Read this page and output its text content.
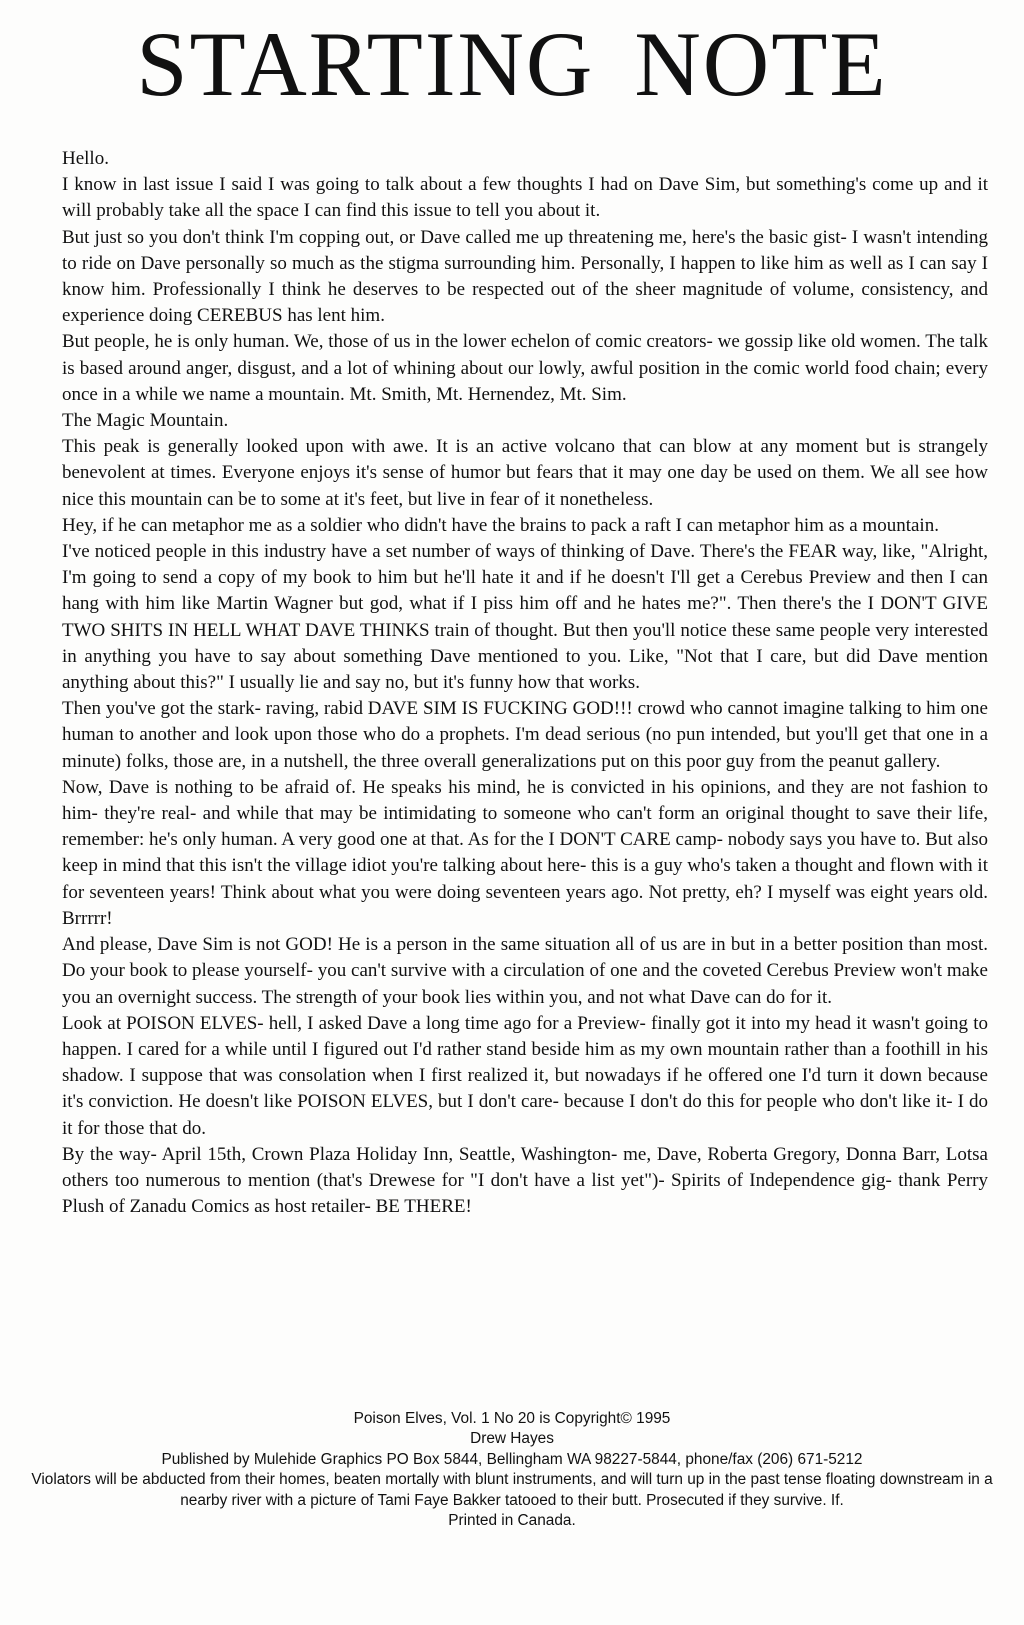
STARTING NOTE

Hello.

I know in last issue I said I was going to talk about a few thoughts I had on Dave Sim, but something's come up and it will probably take all the space I can find this issue to tell you about it.

But just so you don't think I'm copping out, or Dave called me up threatening me, here's the basic gist- I wasn't intending to ride on Dave personally so much as the stigma surrounding him. Personally, I happen to like him as well as I can say I know him. Professionally I think he deserves to be respected out of the sheer magnitude of volume, consistency, and experience doing CEREBUS has lent him.

But people, he is only human. We, those of us in the lower echelon of comic creators- we gossip like old women. The talk is based around anger, disgust, and a lot of whining about our lowly, awful position in the comic world food chain; every once in a while we name a mountain. Mt. Smith, Mt. Hernendez, Mt. Sim.

The Magic Mountain.

This peak is generally looked upon with awe. It is an active volcano that can blow at any moment but is strangely benevolent at times. Everyone enjoys it's sense of humor but fears that it may one day be used on them. We all see how nice this mountain can be to some at it's feet, but live in fear of it nonetheless.

Hey, if he can metaphor me as a soldier who didn't have the brains to pack a raft I can metaphor him as a mountain.

I've noticed people in this industry have a set number of ways of thinking of Dave. There's the FEAR way, like, "Alright, I'm going to send a copy of my book to him but he'll hate it and if he doesn't I'll get a Cerebus Preview and then I can hang with him like Martin Wagner but god, what if I piss him off and he hates me?". Then there's the I DON'T GIVE TWO SHITS IN HELL WHAT DAVE THINKS train of thought. But then you'll notice these same people very interested in anything you have to say about something Dave mentioned to you. Like, "Not that I care, but did Dave mention anything about this?" I usually lie and say no, but it's funny how that works.

Then you've got the stark- raving, rabid DAVE SIM IS FUCKING GOD!!! crowd who cannot imagine talking to him one human to another and look upon those who do a prophets. I'm dead serious (no pun intended, but you'll get that one in a minute) folks, those are, in a nutshell, the three overall generalizations put on this poor guy from the peanut gallery.

Now, Dave is nothing to be afraid of. He speaks his mind, he is convicted in his opinions, and they are not fashion to him- they're real- and while that may be intimidating to someone who can't form an original thought to save their life, remember: he's only human. A very good one at that. As for the I DON'T CARE camp- nobody says you have to. But also keep in mind that this isn't the village idiot you're talking about here- this is a guy who's taken a thought and flown with it for seventeen years! Think about what you were doing seventeen years ago. Not pretty, eh? I myself was eight years old. Brrrrr!

And please, Dave Sim is not GOD! He is a person in the same situation all of us are in but in a better position than most. Do your book to please yourself- you can't survive with a circulation of one and the coveted Cerebus Preview won't make you an overnight success. The strength of your book lies within you, and not what Dave can do for it.

Look at POISON ELVES- hell, I asked Dave a long time ago for a Preview- finally got it into my head it wasn't going to happen. I cared for a while until I figured out I'd rather stand beside him as my own mountain rather than a foothill in his shadow. I suppose that was consolation when I first realized it, but nowadays if he offered one I'd turn it down because it's conviction. He doesn't like POISON ELVES, but I don't care- because I don't do this for people who don't like it- I do it for those that do.

By the way- April 15th, Crown Plaza Holiday Inn, Seattle, Washington- me, Dave, Roberta Gregory, Donna Barr, Lotsa others too numerous to mention (that's Drewese for "I don't have a list yet")- Spirits of Independence gig- thank Perry Plush of Zanadu Comics as host retailer- BE THERE!

Poison Elves, Vol. 1 No 20 is Copyright© 1995
Drew Hayes
Published by Mulehide Graphics PO Box 5844, Bellingham WA 98227-5844, phone/fax (206) 671-5212
Violators will be abducted from their homes, beaten mortally with blunt instruments, and will turn up in the past tense floating downstream in a nearby river with a picture of Tami Faye Bakker tatooed to their butt. Prosecuted if they survive. If.
Printed in Canada.
